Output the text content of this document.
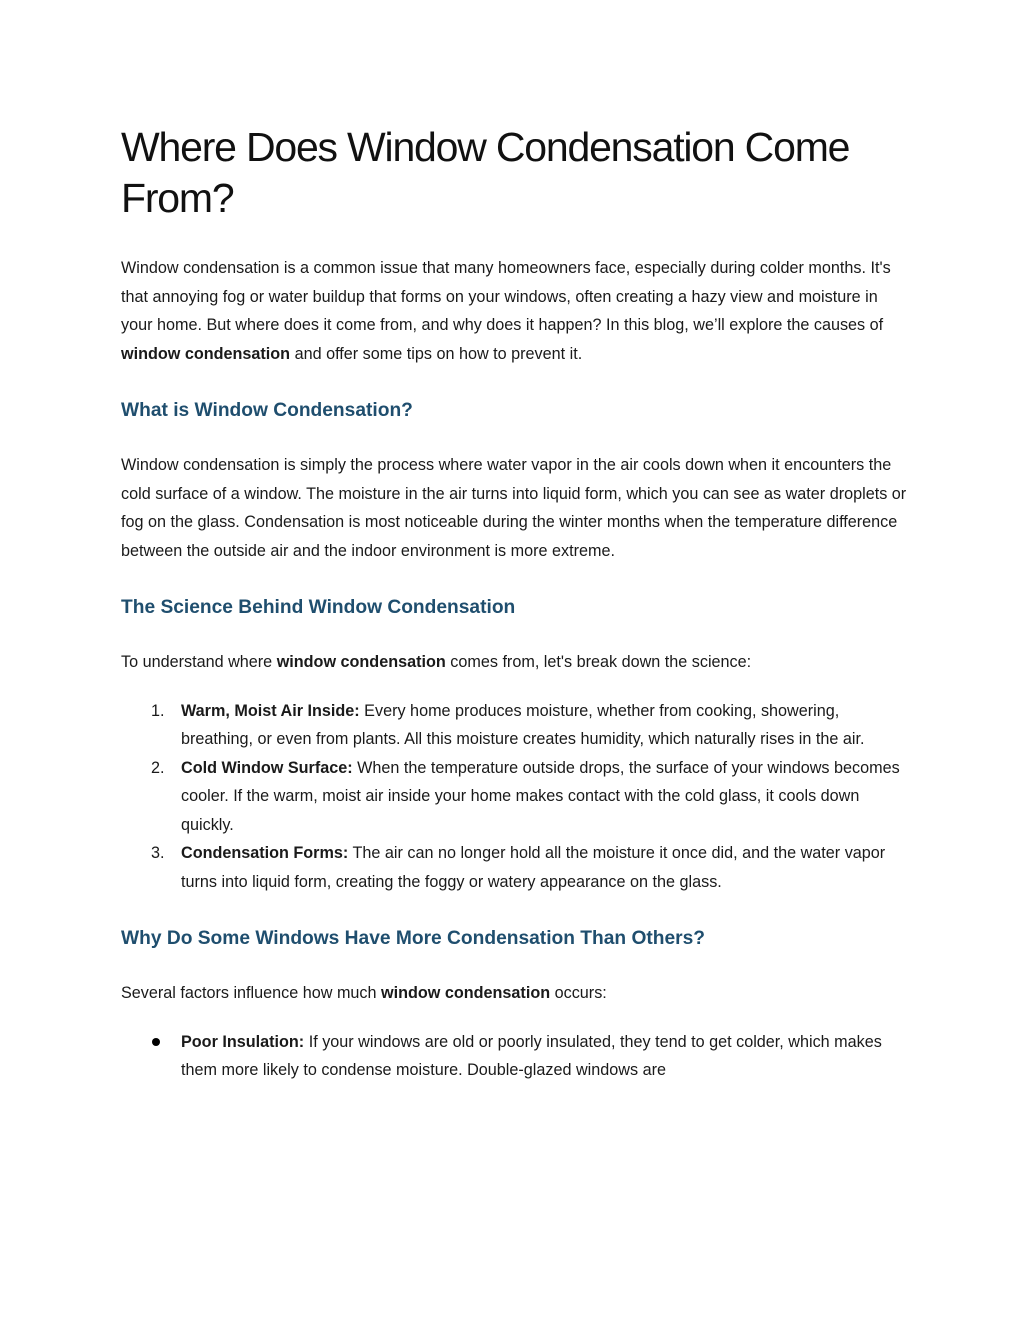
Where Does Window Condensation Come From?

Window condensation is a common issue that many homeowners face, especially during colder months. It's that annoying fog or water buildup that forms on your windows, often creating a hazy view and moisture in your home. But where does it come from, and why does it happen? In this blog, we’ll explore the causes of window condensation and offer some tips on how to prevent it.

What is Window Condensation?

Window condensation is simply the process where water vapor in the air cools down when it encounters the cold surface of a window. The moisture in the air turns into liquid form, which you can see as water droplets or fog on the glass. Condensation is most noticeable during the winter months when the temperature difference between the outside air and the indoor environment is more extreme.

The Science Behind Window Condensation

To understand where window condensation comes from, let's break down the science:

1. Warm, Moist Air Inside: Every home produces moisture, whether from cooking, showering, breathing, or even from plants. All this moisture creates humidity, which naturally rises in the air.
2. Cold Window Surface: When the temperature outside drops, the surface of your windows becomes cooler. If the warm, moist air inside your home makes contact with the cold glass, it cools down quickly.
3. Condensation Forms: The air can no longer hold all the moisture it once did, and the water vapor turns into liquid form, creating the foggy or watery appearance on the glass.
Why Do Some Windows Have More Condensation Than Others?

Several factors influence how much window condensation occurs:

Poor Insulation: If your windows are old or poorly insulated, they tend to get colder, which makes them more likely to condense moisture. Double-glazed windows are
